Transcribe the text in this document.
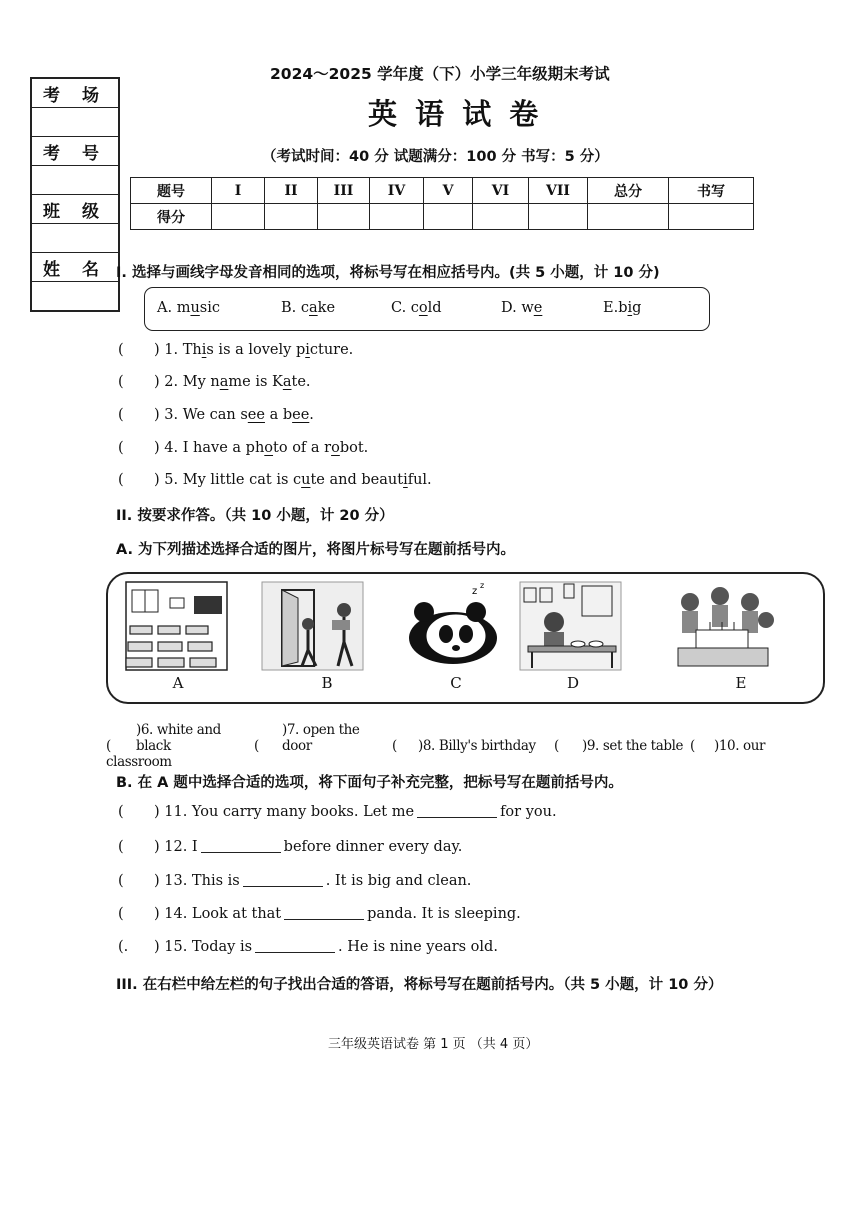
考 场
考 号
班 级
姓 名
2024～2025 学年度（下）小学三年级期末考试
英 语 试 卷
（考试时间：40 分 试题满分：100 分 书写：5 分）
题号	I	II	III	IV	V	VI	VII	总分	书写
得分									
I. 选择与画线字母发音相同的选项，将标号写在相应括号内。(共 5 小题，计 10 分)
A. music	B. cake	C. cold	D. we	E.big
( ) 1. This is a lovely picture.
( ) 2. My name is Kate.
( ) 3. We can see a bee.
( ) 4. I have a photo of a robot.
( ) 5. My little cat is cute and beautiful.
II. 按要求作答。（共 10 小题，计 20 分）
A. 为下列描述选择合适的图片，将图片标号写在题前括号内。
A	B
z
z
C	D	E
()6. white and black	()7. open the door	( )8. Billy's birthday ( )9. set the table ( )10. our classroom
B. 在 A 题中选择合适的选项，将下面句子补充完整，把标号写在题前括号内。
( ) 11. You carry many books. Let me	for you.
( ) 12. I	before dinner every day.
( ) 13. This is	. It is big and clean.
( ) 14. Look at that	panda. It is sleeping.
(. ) 15. Today is	. He is nine years old.
III. 在右栏中给左栏的句子找出合适的答语，将标号写在题前括号内。（共 5 小题，计 10 分）
三年级英语试卷 第 1 页 （共 4 页）
